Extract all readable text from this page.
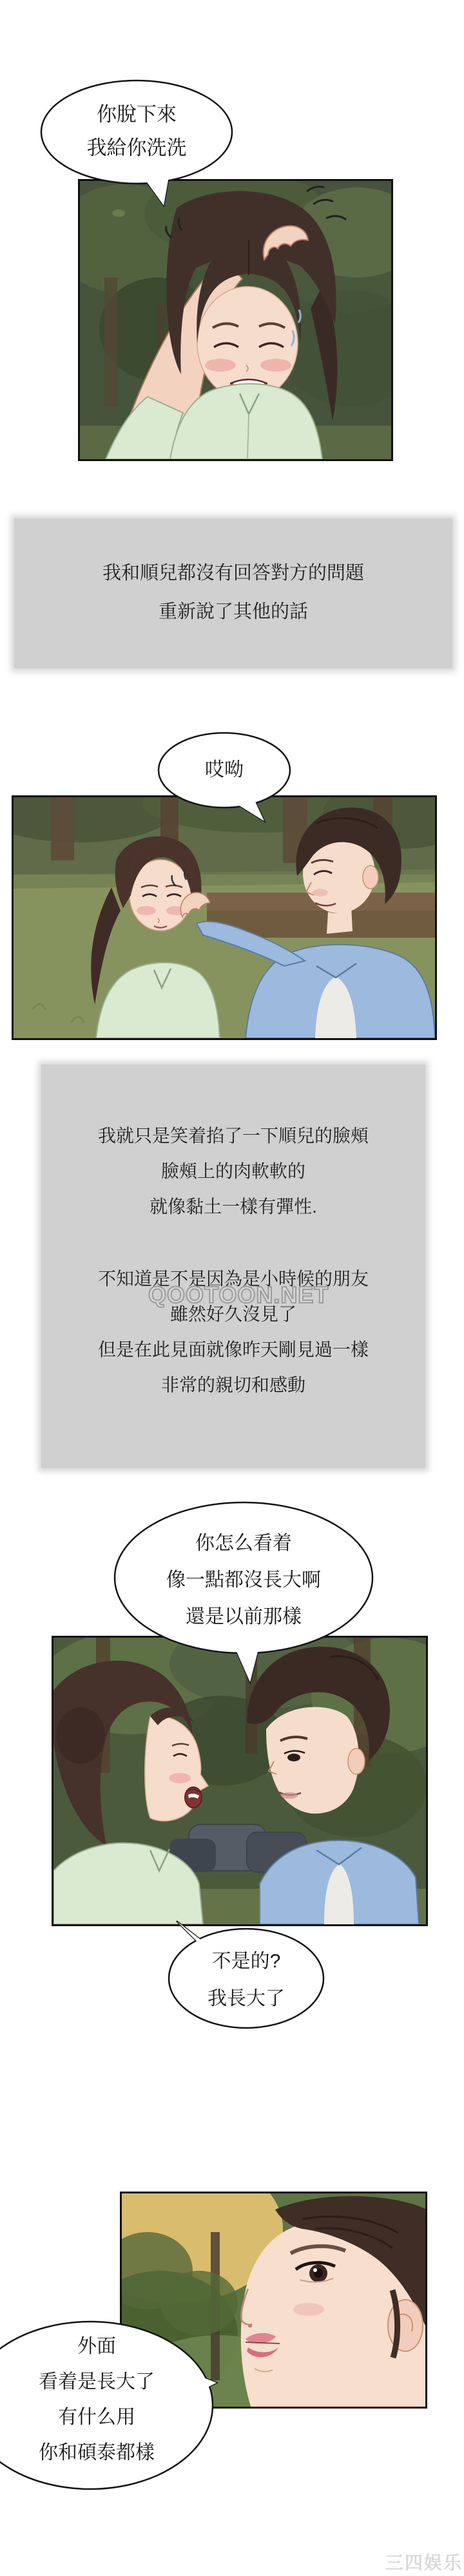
你脫下來
我給你洗洗
我和順兒都沒有回答對方的問題
重新說了其他的話
哎呦
我就只是笑着掐了一下順兒的臉頰
臉頰上的肉軟軟的
就像黏土一樣有彈性.
不知道是不是因為是小時候的朋友
雖然好久沒見了
但是在此見面就像昨天剛見過一樣
非常的親切和感動
QOOTOON.NET
你怎么看着
像一點都沒長大啊
還是以前那樣
不是的?
我長大了
外面
看着是長大了
有什么用
你和碩泰都樣
三四娱乐
